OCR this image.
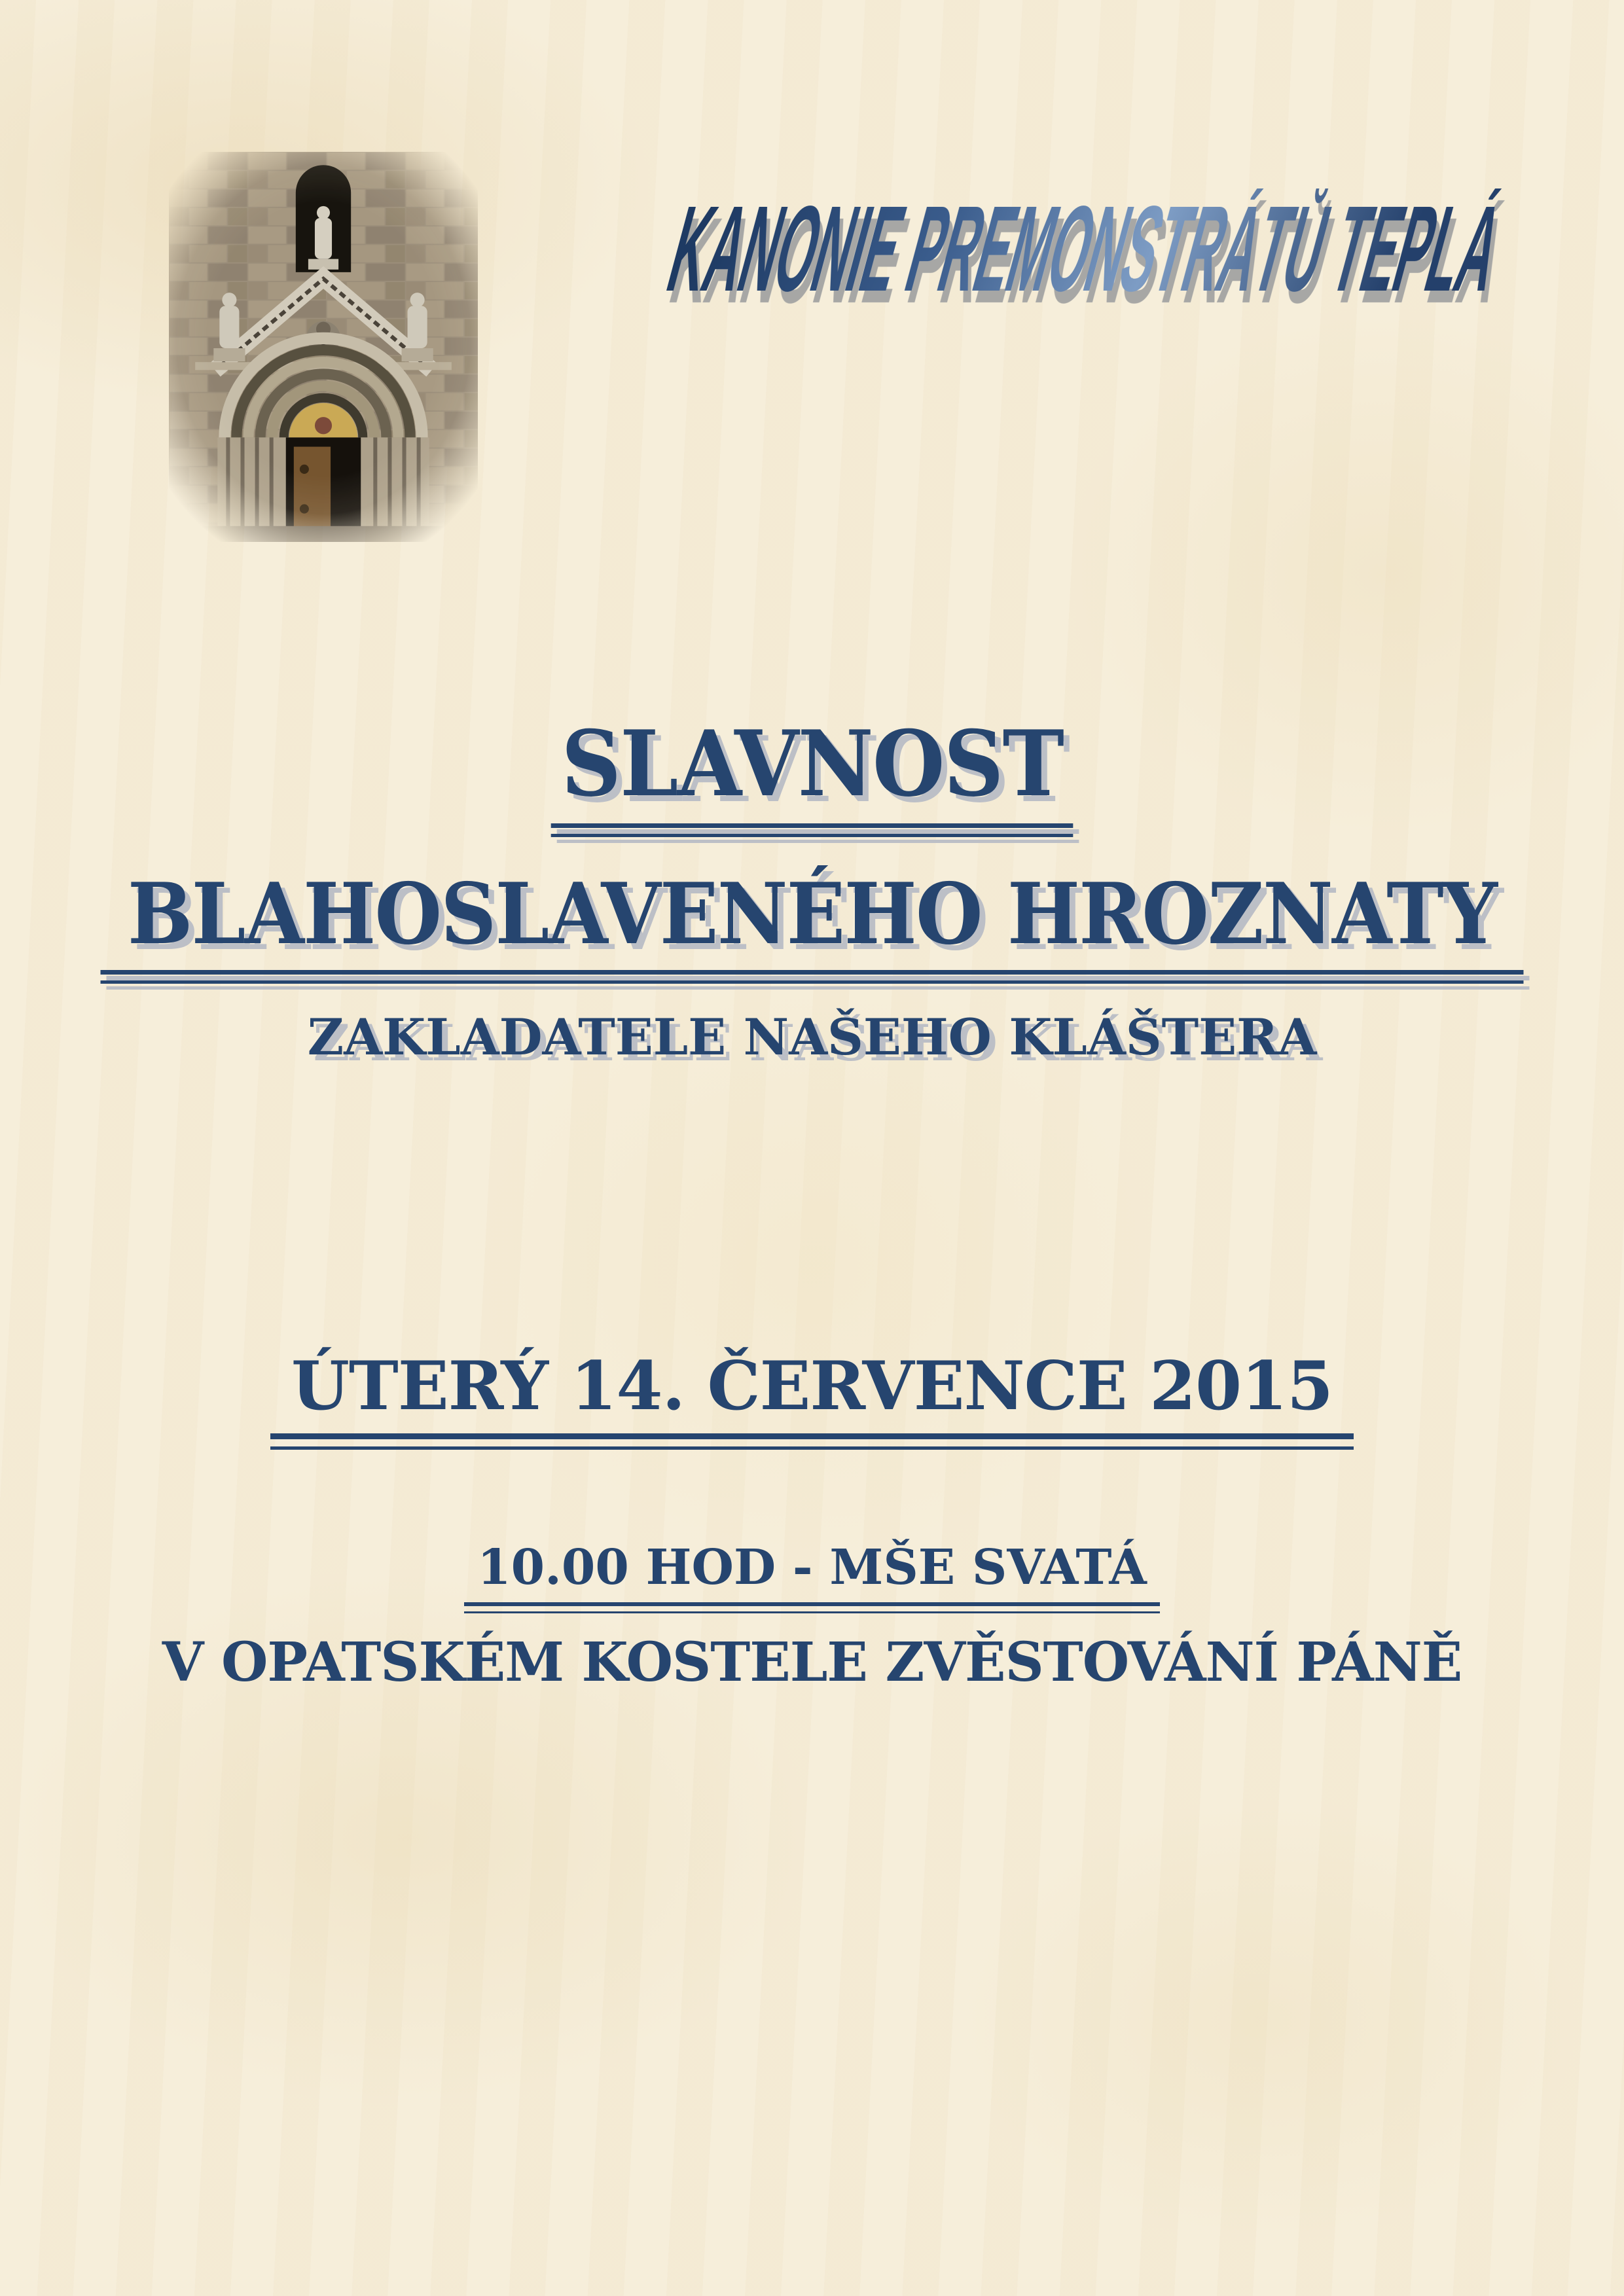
KANONIE PREMONSTRÁTŮ TEPLÁ
SLAVNOST
BLAHOSLAVENÉHO HROZNATY
ZAKLADATELE NAŠEHO KLÁŠTERA
ÚTERÝ 14. ČERVENCE 2015
10.00 HOD - MŠE SVATÁ
V OPATSKÉM KOSTELE ZVĚSTOVÁNÍ PÁNĚ
